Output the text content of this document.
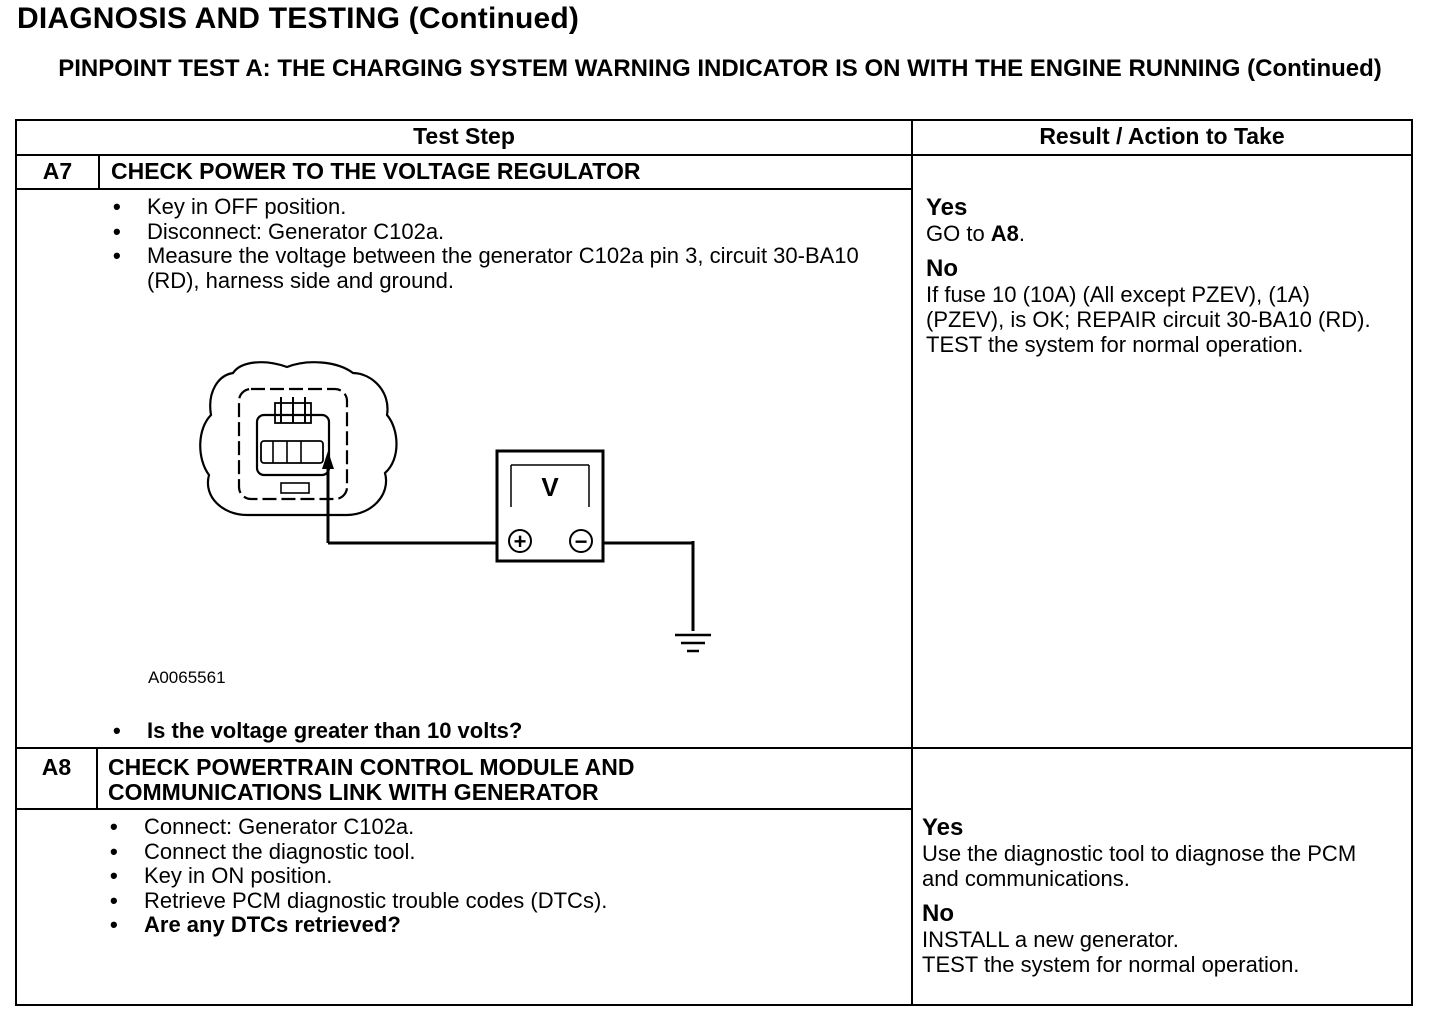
DIAGNOSIS AND TESTING (Continued)
PINPOINT TEST A: THE CHARGING SYSTEM WARNING INDICATOR IS ON WITH THE ENGINE RUNNING (Continued)
Test Step	Result / Action to Take
A7	CHECK POWER TO THE VOLTAGE REGULATOR
• Key in OFF position.
• Disconnect: Generator C102a.
• Measure the voltage between the generator C102a pin 3, circuit 30-BA10 (RD), harness side and ground.
V
+ −
A0065561
• Is the voltage greater than 10 volts?
Yes
GO to A8.
No
If fuse 10 (10A) (All except PZEV), (1A) (PZEV), is OK; REPAIR circuit 30-BA10 (RD). TEST the system for normal operation.
A8	CHECK POWERTRAIN CONTROL MODULE AND COMMUNICATIONS LINK WITH GENERATOR
• Connect: Generator C102a.
• Connect the diagnostic tool.
• Key in ON position.
• Retrieve PCM diagnostic trouble codes (DTCs).
• Are any DTCs retrieved?
Yes
Use the diagnostic tool to diagnose the PCM and communications.
No
INSTALL a new generator.
TEST the system for normal operation.
